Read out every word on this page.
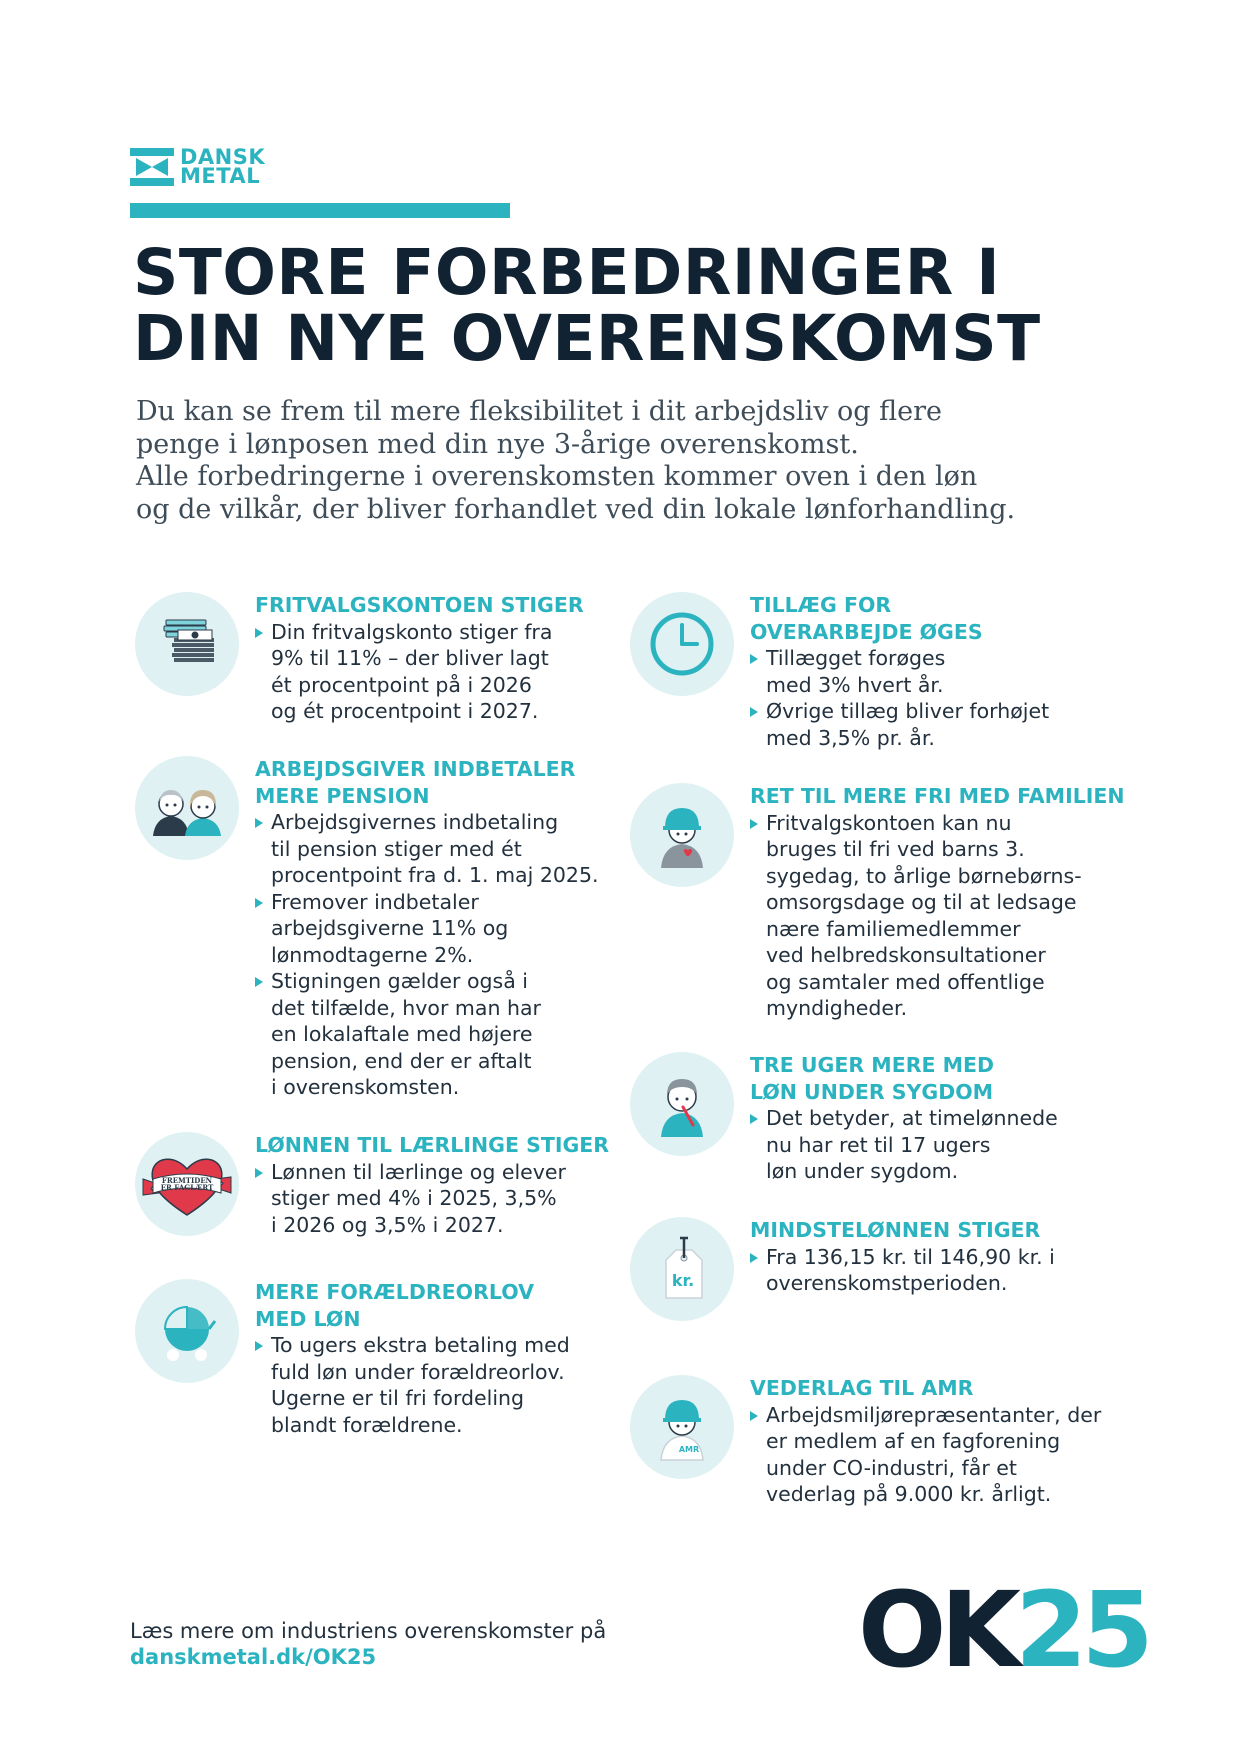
DANSK
METAL
STORE FORBEDRINGER I
DIN NYE OVERENSKOMST

Du kan se frem til mere fleksibilitet i dit arbejdsliv og flere
penge i lønposen med din nye 3-årige overenskomst.
Alle forbedringerne i overenskomsten kommer oven i den løn
og de vilkår, der bliver forhandlet ved din lokale lønforhandling.

FRITVALGSKONTOEN STIGER
Din fritvalgskonto stiger fra
9% til 11% – der bliver lagt
ét procentpoint på i 2026
og ét procentpoint i 2027.
ARBEJDSGIVER INDBETALER
MERE PENSION
Arbejdsgivernes indbetaling
til pension stiger med ét
procentpoint fra d. 1. maj 2025.
Fremover indbetaler
arbejdsgiverne 11% og
lønmodtagerne 2%.
Stigningen gælder også i
det tilfælde, hvor man har
en lokalaftale med højere
pension, end der er aftalt
i overenskomsten.
FREMTIDEN
ER FAGLÆRT
LØNNEN TIL LÆRLINGE STIGER
Lønnen til lærlinge og elever
stiger med 4% i 2025, 3,5%
i 2026 og 3,5% i 2027.
MERE FORÆLDREORLOV
MED LØN
To ugers ekstra betaling med
fuld løn under forældreorlov.
Ugerne er til fri fordeling
blandt forældrene.
TILLÆG FOR
OVERARBEJDE ØGES
Tillægget forøges
med 3% hvert år.
Øvrige tillæg bliver forhøjet
med 3,5% pr. år.
RET TIL MERE FRI MED FAMILIEN
Fritvalgskontoen kan nu
bruges til fri ved barns 3.
sygedag, to årlige børnebørns-
omsorgsdage og til at ledsage
nære familiemedlemmer
ved helbredskonsultationer
og samtaler med offentlige
myndigheder.
TRE UGER MERE MED
LØN UNDER SYGDOM
Det betyder, at timelønnede
nu har ret til 17 ugers
løn under sygdom.
kr.
MINDSTELØNNEN STIGER
Fra 136,15 kr. til 146,90 kr. i
overenskomstperioden.
AMR
VEDERLAG TIL AMR
Arbejdsmiljørepræsentanter, der
er medlem af en fagforening
under CO-industri, får et
vederlag på 9.000 kr. årligt.
Læs mere om industriens overenskomster på
danskmetal.dk/OK25	OK25
